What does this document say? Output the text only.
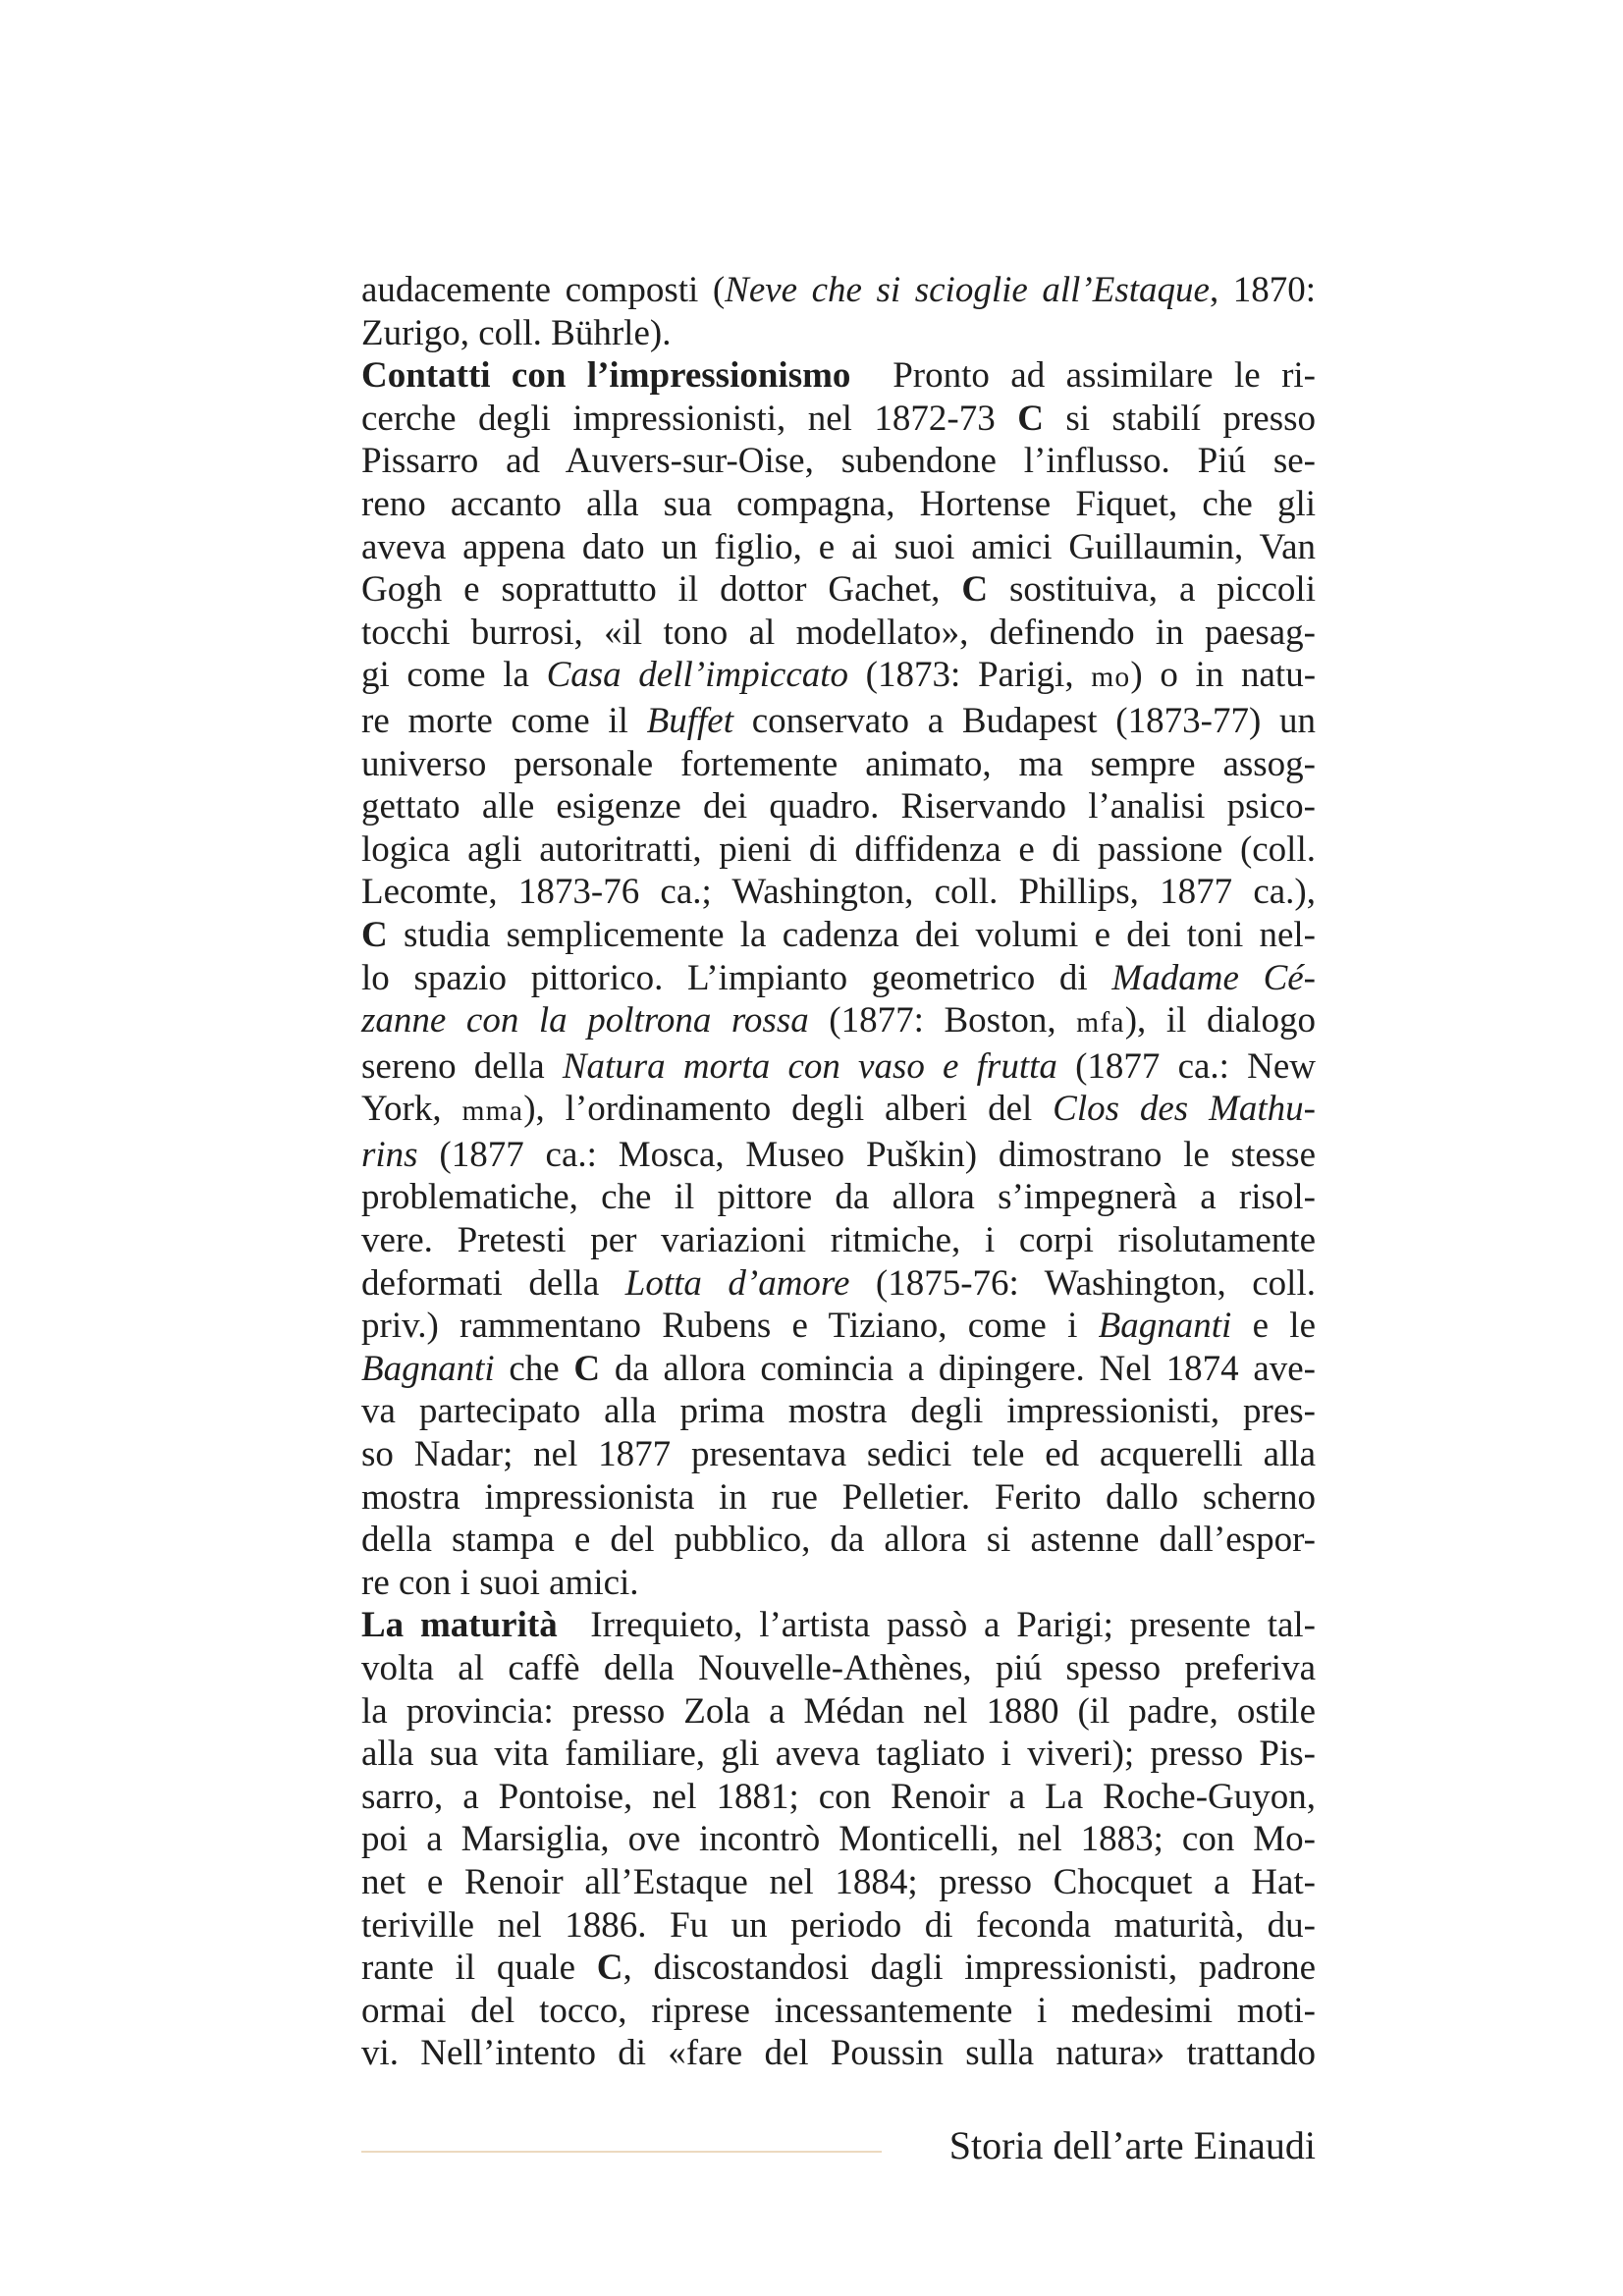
audacemente composti (Neve che si scioglie all’Estaque, 1870:
Zurigo, coll. Bührle).
Contatti con l’impressionismo  Pronto ad assimilare le ri-
cerche degli impressionisti, nel 1872-73 C si stabilí presso
Pissarro ad Auvers-sur-Oise, subendone l’influsso. Piú se-
reno accanto alla sua compagna, Hortense Fiquet, che gli
aveva appena dato un figlio, e ai suoi amici Guillaumin, Van
Gogh e soprattutto il dottor Gachet, C sostituiva, a piccoli
tocchi burrosi, «il tono al modellato», definendo in paesag-
gi come la Casa dell’impiccato (1873: Parigi, mo) o in natu-
re morte come il Buffet conservato a Budapest (1873-77) un
universo personale fortemente animato, ma sempre assog-
gettato alle esigenze dei quadro. Riservando l’analisi psico-
logica agli autoritratti, pieni di diffidenza e di passione (coll.
Lecomte, 1873-76 ca.; Washington, coll. Phillips, 1877 ca.),
C studia semplicemente la cadenza dei volumi e dei toni nel-
lo spazio pittorico. L’impianto geometrico di Madame Cé-
zanne con la poltrona rossa (1877: Boston, mfa), il dialogo
sereno della Natura morta con vaso e frutta (1877 ca.: New
York, mma), l’ordinamento degli alberi del Clos des Mathu-
rins (1877 ca.: Mosca, Museo Puškin) dimostrano le stesse
problematiche, che il pittore da allora s’impegnerà a risol-
vere. Pretesti per variazioni ritmiche, i corpi risolutamente
deformati della Lotta d’amore (1875-76: Washington, coll.
priv.) rammentano Rubens e Tiziano, come i Bagnanti e le
Bagnanti che C da allora comincia a dipingere. Nel 1874 ave-
va partecipato alla prima mostra degli impressionisti, pres-
so Nadar; nel 1877 presentava sedici tele ed acquerelli alla
mostra impressionista in rue Pelletier. Ferito dallo scherno
della stampa e del pubblico, da allora si astenne dall’espor-
re con i suoi amici.
La maturità  Irrequieto, l’artista passò a Parigi; presente tal-
volta al caffè della Nouvelle-Athènes, piú spesso preferiva
la provincia: presso Zola a Médan nel 1880 (il padre, ostile
alla sua vita familiare, gli aveva tagliato i viveri); presso Pis-
sarro, a Pontoise, nel 1881; con Renoir a La Roche-Guyon,
poi a Marsiglia, ove incontrò Monticelli, nel 1883; con Mo-
net e Renoir all’Estaque nel 1884; presso Chocquet a Hat-
teriville nel 1886. Fu un periodo di feconda maturità, du-
rante il quale C, discostandosi dagli impressionisti, padrone
ormai del tocco, riprese incessantemente i medesimi moti-
vi. Nell’intento di «fare del Poussin sulla natura» trattando
Storia dell’arte Einaudi
